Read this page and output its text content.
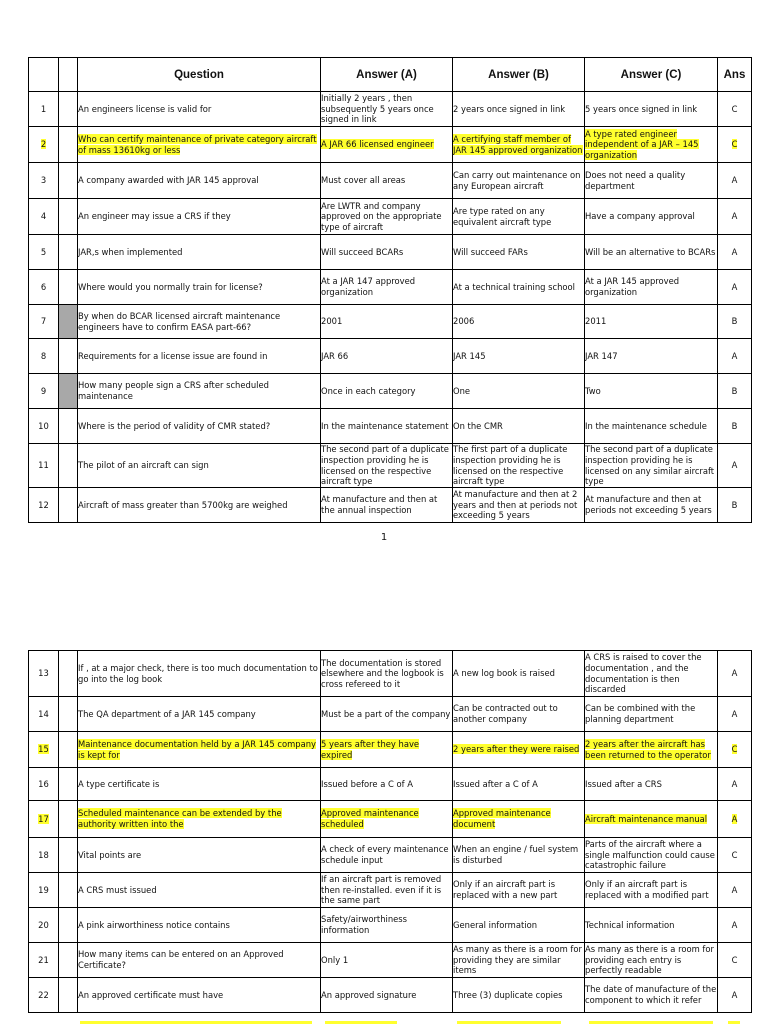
		Question	Answer (A)	Answer (B)	Answer (C)	Ans
1		An engineers license is valid for	Initially 2 years , then subsequently 5 years once signed in link	2 years once signed in link	5 years once signed in link	C
2		Who can certify maintenance of private category aircraft of mass 13610kg or less	A JAR 66 licensed engineer	A certifying staff member of JAR 145 approved organization	A type rated engineer independent of a JAR – 145 organization	C
3		A company awarded with JAR 145 approval	Must cover all areas	Can carry out maintenance on any European aircraft	Does not need a quality department	A
4		An engineer may issue a CRS if they	Are LWTR and company approved on the appropriate type of aircraft	Are type rated on any equivalent aircraft type	Have a company approval	A
5		JAR,s when implemented	Will succeed BCARs	Will succeed FARs	Will be an alternative to BCARs	A
6		Where would you normally train for license?	At a JAR 147 approved organization	At a technical training school	At a JAR 145 approved organization	A
7		By when do BCAR licensed aircraft maintenance engineers have to confirm EASA part-66?	2001	2006	2011	B
8		Requirements for a license issue are found in	JAR 66	JAR 145	JAR 147	A
9		How many people sign a CRS after scheduled maintenance	Once in each category	One	Two	B
10		Where is the period of validity of CMR stated?	In the maintenance statement	On the CMR	In the maintenance schedule	B
11		The pilot of an aircraft can sign	The second part of a duplicate inspection providing he is licensed on the respective aircraft type	The first part of a duplicate inspection providing he is licensed on the respective aircraft type	The second part of a duplicate inspection providing he is licensed on any similar aircraft type	A
12		Aircraft of mass greater than 5700kg are weighed	At manufacture and then at the annual inspection	At manufacture and then at 2 years and then at periods not exceeding 5 years	At manufacture and then at periods not exceeding 5 years	B
1
13		If , at a major check, there is too much documentation to go into the log book	The documentation is stored elsewhere and the logbook is cross refereed to it	A new log book is raised	A CRS is raised to cover the documentation , and the documentation is then discarded	A
14		The QA department of a JAR 145 company	Must be a part of the company	Can be contracted out to another company	Can be combined with the planning department	A
15		Maintenance documentation held by a JAR 145 company is kept for	5 years after they have expired	2 years after they were raised	2 years after the aircraft has been returned to the operator	C
16		A type certificate is	Issued before a C of A	Issued after a C of A	Issued after a CRS	A
17		Scheduled maintenance can be extended by the authority written into the	Approved maintenance scheduled	Approved maintenance document	Aircraft maintenance manual	A
18		Vital points are	A check of every maintenance schedule input	When an engine / fuel system is disturbed	Parts of the aircraft where a single malfunction could cause catastrophic failure	C
19		A CRS must issued	If an aircraft part is removed then re-installed. even if it is the same part	Only if an aircraft part is replaced with a new part	Only if an aircraft part is replaced with a modified part	A
20		A pink airworthiness notice contains	Safety/airworthiness information	General information	Technical information	A
21		How many items can be entered on an Approved Certificate?	Only 1	As many as there is a room for providing they are similar items	As many as there is a room for providing each entry is perfectly readable	C
22		An approved certificate must have	An approved signature	Three (3) duplicate copies	The date of manufacture of the component to which it refer	A
